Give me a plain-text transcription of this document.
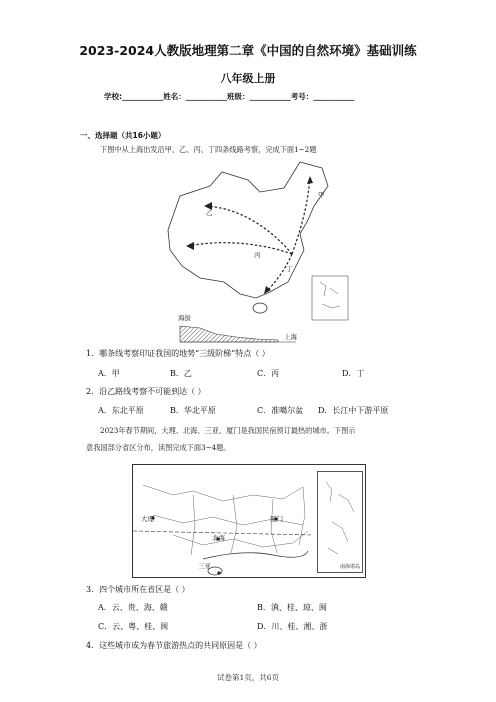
2023-2024人教版地理第二章《中国的自然环境》基础训练
八年级上册
学校:___________姓名：___________班级：___________考号：___________
一、选择题（共16小题）
下图中从上海出发沿甲、乙、丙、丁四条线路考察，完成下面1~2题
甲
乙
丙
丁
海拔
上海
1．哪条线考察印证我国的地势“三级阶梯”特点（ ）
A．甲	B．乙	C．丙	D．丁
2．沿乙路线考察不可能到达（ ）
A．东北平原	B．华北平原	C．准噶尔盆 D．长江中下游平原
2023年春节期间，大理、北海、三亚、厦门是我国民宿预订最热的城市。下图示
意我国部分省区分布，读图完成下面3~4题。
南海诸岛
大理	厦门
北海
三亚
3．四个城市所在省区是（ ）
A．云、贵、海、赣	B．滇、桂、琼、闽
C．云、粤、桂、闽	D．川、桂、湘、浙
4．这些城市成为春节旅游热点的共同原因是（ ）
试卷第1页，共6页
